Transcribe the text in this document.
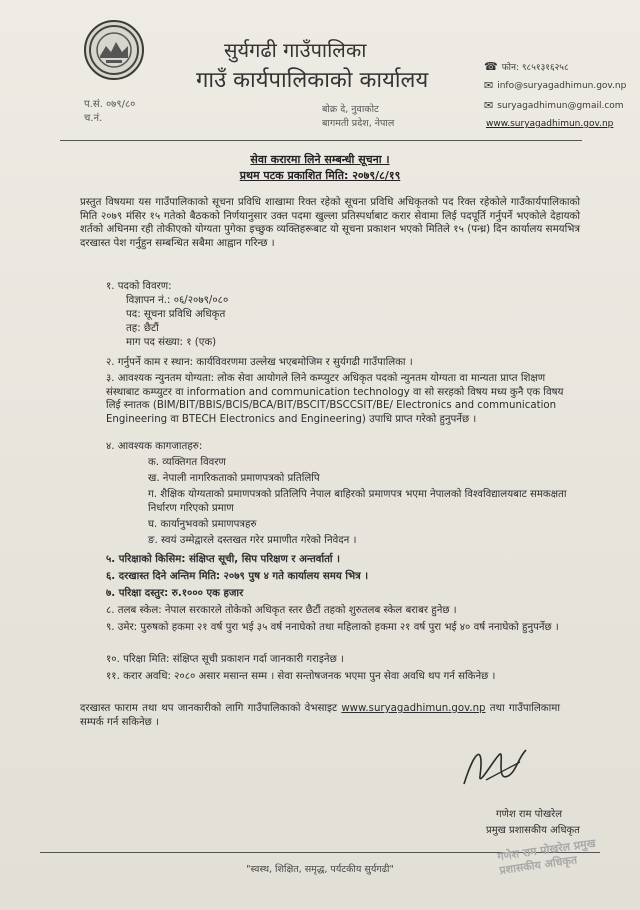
सुर्यगढी गाउँपालिका
गाउँ कार्यपालिकाको कार्यालय
प.सं. ०७९/८०
च.नं.
बोक्र दे, नुवाकोट
बागमती प्रदेश, नेपाल
☎ फोन: ९८५१३१६२५८
✉ info@suryagadhimun.gov.np
✉ suryagadhimun@gmail.com
www.suryagadhimun.gov.np
सेवा करारमा लिने सम्बन्धी सूचना ।
प्रथम पटक प्रकाशित मिति: २०७९/८/१९
प्रस्तुत विषयमा यस गाउँपालिकाको सूचना प्रविधि शाखामा रिक्त रहेको सूचना प्रविधि अधिकृतको पद रिक्त रहेकोले गाउँकार्यपालिकाको मिति २०७९ मंसिर १५ गतेको बैठकको निर्णयानुसार उक्त पदमा खुल्ला प्रतिस्पर्धाबाट करार सेवामा लिई पदपूर्ति गर्नुपर्ने भएकोले देहायको शर्तको अधिनमा रही तोकीएको योग्यता पुगेका इच्छुक व्यक्तिहरूबाट यो सूचना प्रकाशन भएको मितिले १५ (पन्ध्र) दिन कार्यालय समयभित्र दरखास्त पेश गर्नुहुन सम्बन्धित सबैमा आह्वान गरिन्छ ।
१. पदको विवरण:
विज्ञापन नं.: ०६/२०७९/०८०
पद: सूचना प्रविधि अधिकृत
तह: छैटौं
माग पद संख्या: १ (एक)
२. गर्नुपर्ने काम र स्थान: कार्यविवरणमा उल्लेख भएबमोजिम र सुर्यगढी गाउँपालिका ।
३. आवश्यक न्युनतम योग्यता: लोक सेवा आयोगले लिने कम्प्युटर अधिकृत पदको न्युनतम योग्यता वा मान्यता प्राप्त शिक्षण संस्थाबाट कम्प्युटर वा information and communication technology वा सो सरहको विषय मध्य कुनै एक विषय लिई स्नातक (BIM/BIT/BBIS/BCIS/BCA/BIT/BSCIT/BSCCSIT/BE/ Electronics and communication Engineering वा BTECH Electronics and Engineering) उपाधि प्राप्त गरेको हुनुपर्नेछ ।
४. आवश्यक कागजातहरु:
क. व्यक्तिगत विवरण
ख. नेपाली नागरिकताको प्रमाणपत्रको प्रतिलिपि
ग. शैक्षिक योग्यताको प्रमाणपत्रको प्रतिलिपि नेपाल बाहिरको प्रमाणपत्र भएमा नेपालको विश्वविद्यालयबाट समकक्षता निर्धारण गरिएको प्रमाण
घ. कार्यानुभवको प्रमाणपत्रहरु
ङ. स्वयं उम्मेद्वारले दस्तखत गरेर प्रमाणीत गरेको निवेदन ।
५. परिक्षाको किसिम: संक्षिप्त सूची, सिप परिक्षण र अन्तर्वार्ता ।
६. दरखास्त दिने अन्तिम मिति: २०७९ पुष ४ गते कार्यालय समय भित्र ।
७. परिक्षा दस्तुर: रु.१००० एक हजार
८. तलब स्केल: नेपाल सरकारले तोकेको अधिकृत स्तर छैटौं तहको शुरुतलब स्केल बराबर हुनेछ ।
९. उमेर: पुरुषको हकमा २१ वर्ष पुरा भई ३५ वर्ष ननाघेको तथा महिलाको हकमा २१ वर्ष पुरा भई ४० वर्ष ननाघेको हुनुपर्नेछ ।
१०. परिक्षा मिति: संक्षिप्त सूची प्रकाशन गर्दा जानकारी गराइनेछ ।
११. करार अवधि: २०८० असार मसान्त सम्म । सेवा सन्तोषजनक भएमा पुन सेवा अवधि थप गर्न सकिनेछ ।
दरखास्त फाराम तथा थप जानकारीको लागि गाउँपालिकाको वेभसाइट www.suryagadhimun.gov.np तथा गाउँपालिकामा सम्पर्क गर्न सकिनेछ ।
गणेश राम पोखरेल
प्रमुख प्रशासकीय अधिकृत
"स्वस्थ, शिक्षित, समृद्ध, पर्यटकीय सुर्यगढी"
गणेश राम पोखरेल प्रमुख प्रशासकीय अधिकृत
